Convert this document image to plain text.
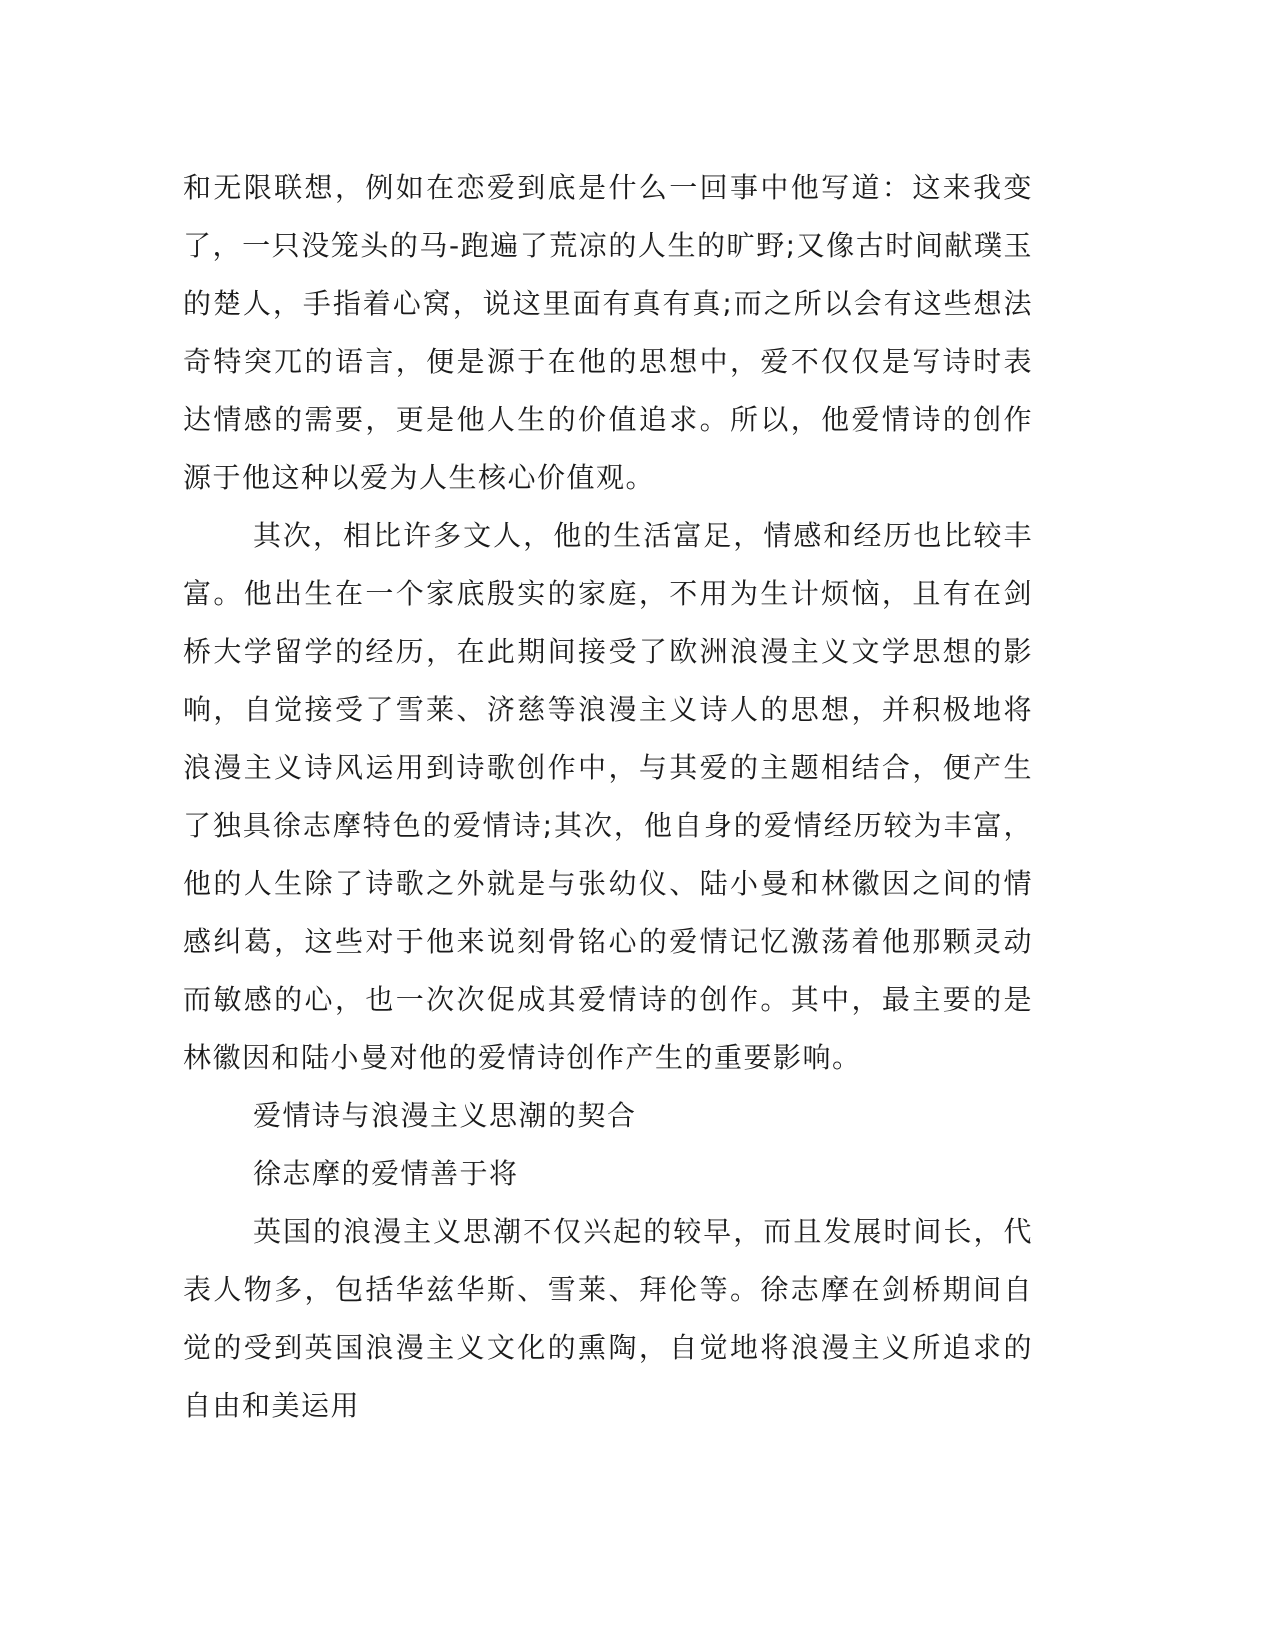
和无限联想，例如在恋爱到底是什么一回事中他写道：这来我变了，一只没笼头的马-跑遍了荒凉的人生的旷野;又像古时间献璞玉的楚人，手指着心窝，说这里面有真有真;而之所以会有这些想法奇特突兀的语言，便是源于在他的思想中，爱不仅仅是写诗时表达情感的需要，更是他人生的价值追求。所以，他爱情诗的创作源于他这种以爱为人生核心价值观。

其次，相比许多文人，他的生活富足，情感和经历也比较丰富。他出生在一个家底殷实的家庭，不用为生计烦恼，且有在剑桥大学留学的经历，在此期间接受了欧洲浪漫主义文学思想的影响，自觉接受了雪莱、济慈等浪漫主义诗人的思想，并积极地将浪漫主义诗风运用到诗歌创作中，与其爱的主题相结合，便产生了独具徐志摩特色的爱情诗;其次，他自身的爱情经历较为丰富，他的人生除了诗歌之外就是与张幼仪、陆小曼和林徽因之间的情感纠葛，这些对于他来说刻骨铭心的爱情记忆激荡着他那颗灵动而敏感的心，也一次次促成其爱情诗的创作。其中，最主要的是林徽因和陆小曼对他的爱情诗创作产生的重要影响。

爱情诗与浪漫主义思潮的契合

徐志摩的爱情善于将

英国的浪漫主义思潮不仅兴起的较早，而且发展时间长，代表人物多，包括华兹华斯、雪莱、拜伦等。徐志摩在剑桥期间自觉的受到英国浪漫主义文化的熏陶，自觉地将浪漫主义所追求的自由和美运用
